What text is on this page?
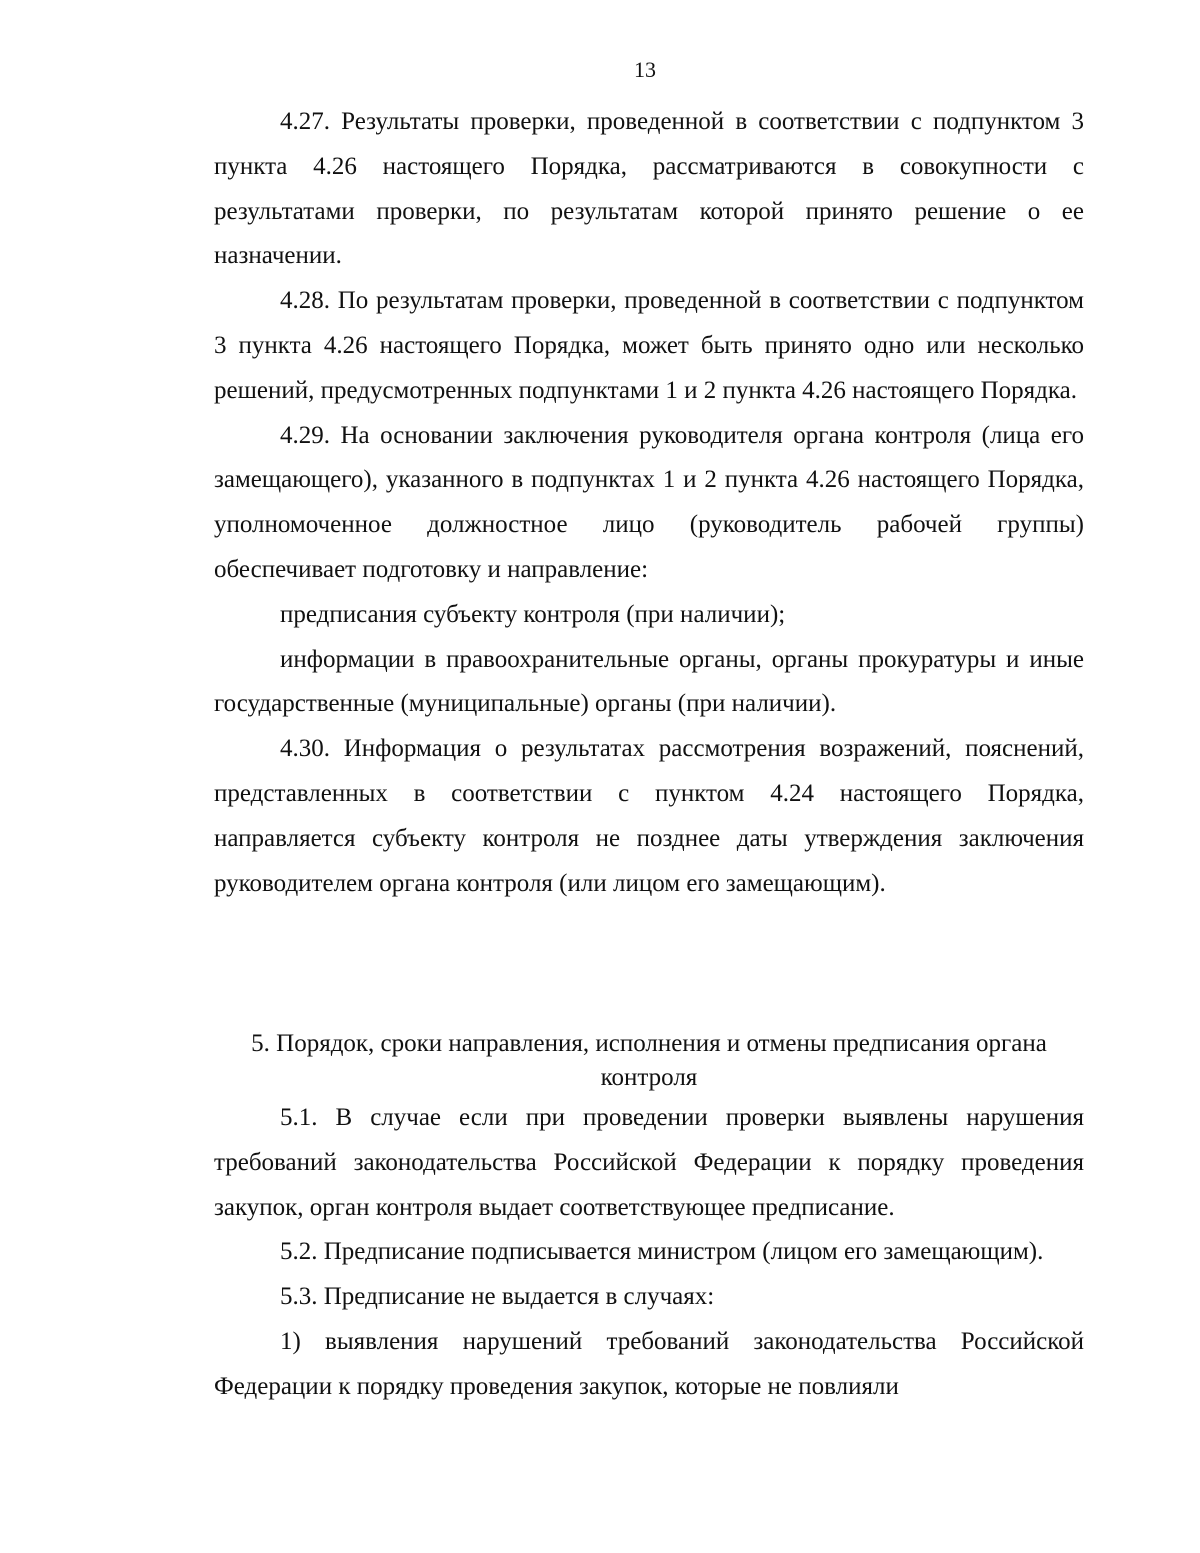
13

4.27. Результаты проверки, проведенной в соответствии с подпунктом 3 пункта 4.26 настоящего Порядка, рассматриваются в совокупности с результатами проверки, по результатам которой принято решение о ее назначении.

4.28. По результатам проверки, проведенной в соответствии с подпунктом 3 пункта 4.26 настоящего Порядка, может быть принято одно или несколько решений, предусмотренных подпунктами 1 и 2 пункта 4.26 настоящего Порядка.

4.29. На основании заключения руководителя органа контроля (лица его замещающего), указанного в подпунктах 1 и 2 пункта 4.26 настоящего Порядка, уполномоченное должностное лицо (руководитель рабочей группы) обеспечивает подготовку и направление:

предписания субъекту контроля (при наличии);

информации в правоохранительные органы, органы прокуратуры и иные государственные (муниципальные) органы (при наличии).

4.30. Информация о результатах рассмотрения возражений, пояснений, представленных в соответствии с пунктом 4.24 настоящего Порядка, направляется субъекту контроля не позднее даты утверждения заключения руководителем органа контроля (или лицом его замещающим).

5. Порядок, сроки направления, исполнения и отмены предписания органа контроля

5.1. В случае если при проведении проверки выявлены нарушения требований законодательства Российской Федерации к порядку проведения закупок, орган контроля выдает соответствующее предписание.

5.2. Предписание подписывается министром (лицом его замещающим).

5.3. Предписание не выдается в случаях:

1) выявления нарушений требований законодательства Российской Федерации к порядку проведения закупок, которые не повлияли
